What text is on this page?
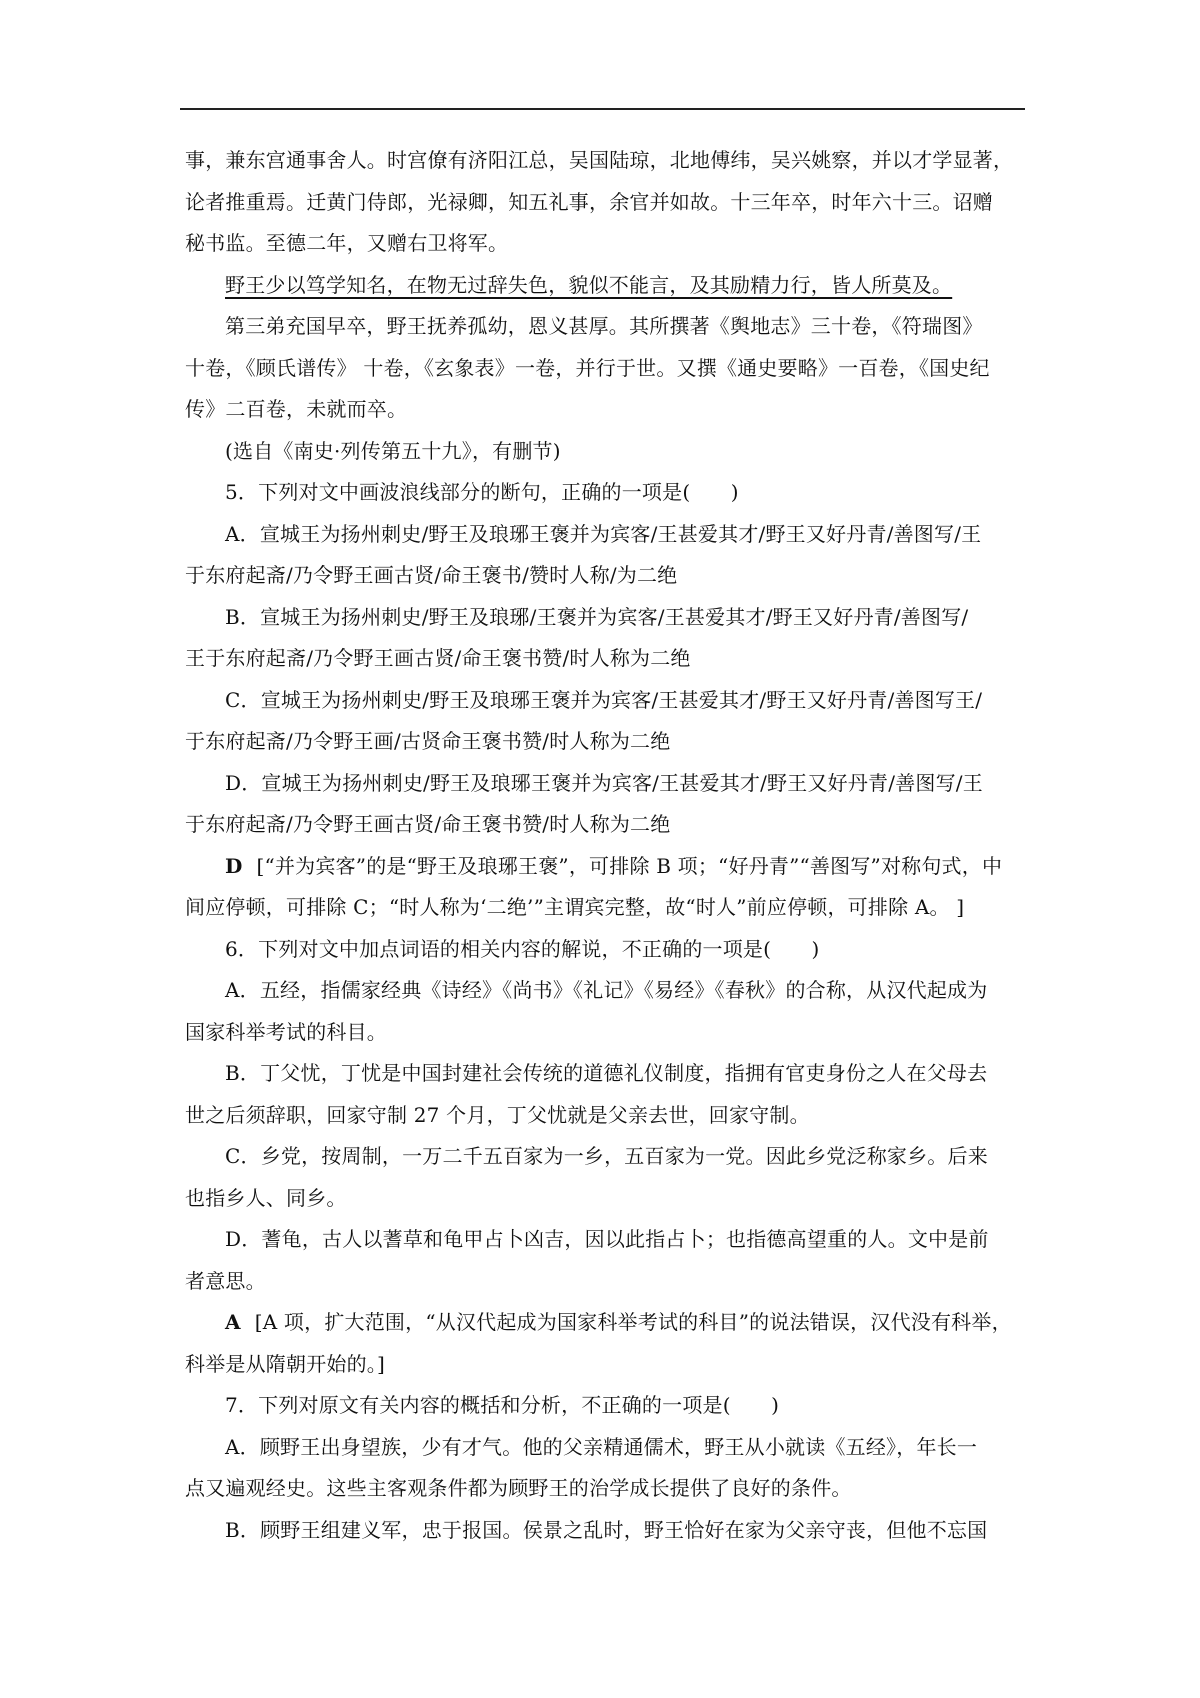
事，兼东宫通事舍人。时宫僚有济阳江总，吴国陆琼，北地傅纬，吴兴姚察，并以才学显著，
论者推重焉。迁黄门侍郎，光禄卿，知五礼事，余官并如故。十三年卒，时年六十三。诏赠
秘书监。至德二年，又赠右卫将军。
野王少以笃学知名，在物无过辞失色，貌似不能言，及其励精力行，皆人所莫及。
第三弟充国早卒，野王抚养孤幼，恩义甚厚。其所撰著《舆地志》三十卷，《符瑞图》
十卷，《顾氏谱传》 十卷，《玄象表》一卷，并行于世。又撰《通史要略》一百卷，《国史纪
传》二百卷，未就而卒。
(选自《南史·列传第五十九》，有删节)
5．下列对文中画波浪线部分的断句，正确的一项是(　　)
A．宣城王为扬州刺史/野王及琅琊王褒并为宾客/王甚爱其才/野王又好丹青/善图写/王
于东府起斋/乃令野王画古贤/命王褒书/赞时人称/为二绝
B．宣城王为扬州刺史/野王及琅琊/王褒并为宾客/王甚爱其才/野王又好丹青/善图写/
王于东府起斋/乃令野王画古贤/命王褒书赞/时人称为二绝
C．宣城王为扬州刺史/野王及琅琊王褒并为宾客/王甚爱其才/野王又好丹青/善图写王/
于东府起斋/乃令野王画/古贤命王褒书赞/时人称为二绝
D．宣城王为扬州刺史/野王及琅琊王褒并为宾客/王甚爱其才/野王又好丹青/善图写/王
于东府起斋/乃令野王画古贤/命王褒书赞/时人称为二绝
D [“并为宾客”的是“野王及琅琊王褒”，可排除 B 项；“好丹青”“善图写”对称句式，中
间应停顿，可排除 C；“时人称为‘二绝’”主谓宾完整，故“时人”前应停顿，可排除 A。 ]
6．下列对文中加点词语的相关内容的解说，不正确的一项是(　　)
A．五经，指儒家经典《诗经》《尚书》《礼记》《易经》《春秋》的合称，从汉代起成为
国家科举考试的科目。
B．丁父忧，丁忧是中国封建社会传统的道德礼仪制度，指拥有官吏身份之人在父母去
世之后须辞职，回家守制 27 个月，丁父忧就是父亲去世，回家守制。
C．乡党，按周制，一万二千五百家为一乡，五百家为一党。因此乡党泛称家乡。后来
也指乡人、同乡。
D．蓍龟，古人以蓍草和龟甲占卜凶吉，因以此指占卜；也指德高望重的人。文中是前
者意思。
A [A 项，扩大范围，“从汉代起成为国家科举考试的科目”的说法错误，汉代没有科举，
科举是从隋朝开始的。]
7．下列对原文有关内容的概括和分析，不正确的一项是(　　)
A．顾野王出身望族，少有才气。他的父亲精通儒术，野王从小就读《五经》，年长一
点又遍观经史。这些主客观条件都为顾野王的治学成长提供了良好的条件。
B．顾野王组建义军，忠于报国。侯景之乱时，野王恰好在家为父亲守丧，但他不忘国
